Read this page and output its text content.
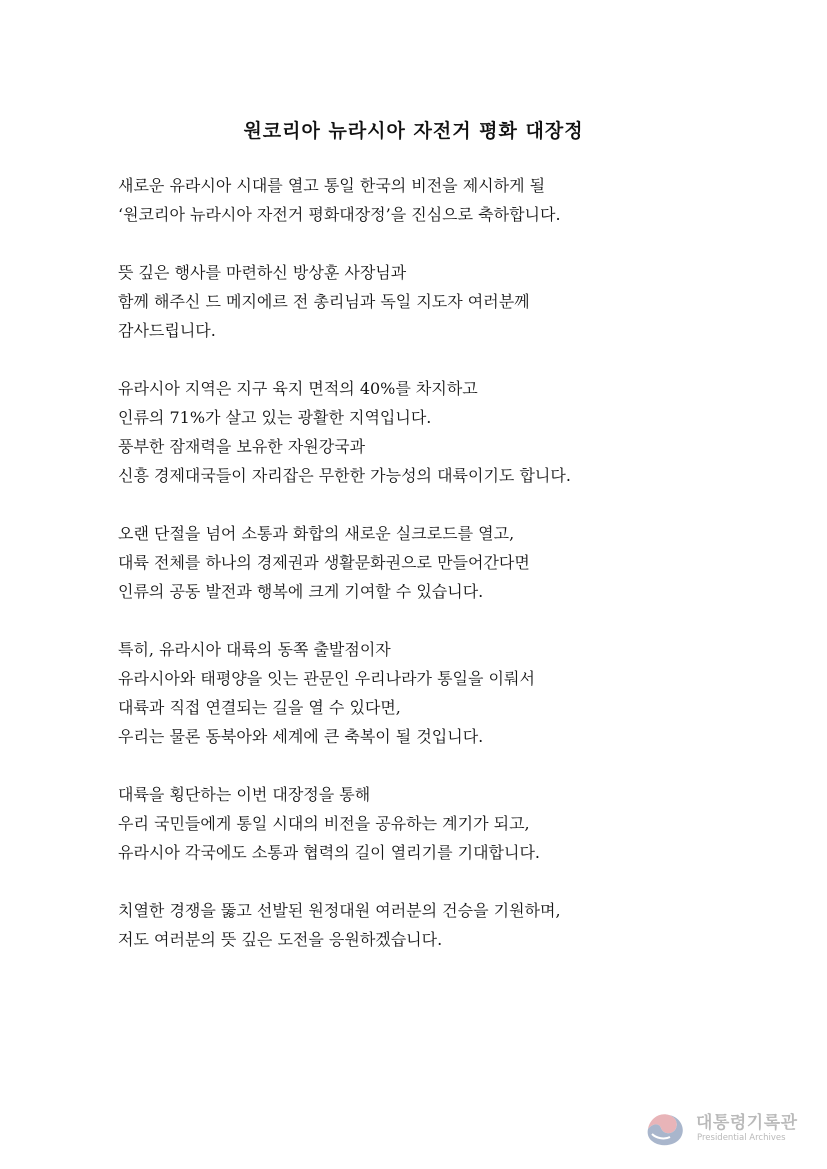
원코리아 뉴라시아 자전거 평화 대장정

새로운 유라시아 시대를 열고 통일 한국의 비전을 제시하게 될
‘원코리아 뉴라시아 자전거 평화대장정’을 진심으로 축하합니다.

뜻 깊은 행사를 마련하신 방상훈 사장님과
함께 해주신 드 메지에르 전 총리님과 독일 지도자 여러분께
감사드립니다.

유라시아 지역은 지구 육지 면적의 40%를 차지하고
인류의 71%가 살고 있는 광활한 지역입니다.
풍부한 잠재력을 보유한 자원강국과
신흥 경제대국들이 자리잡은 무한한 가능성의 대륙이기도 합니다.

오랜 단절을 넘어 소통과 화합의 새로운 실크로드를 열고,
대륙 전체를 하나의 경제권과 생활문화권으로 만들어간다면
인류의 공동 발전과 행복에 크게 기여할 수 있습니다.

특히, 유라시아 대륙의 동쪽 출발점이자
유라시아와 태평양을 잇는 관문인 우리나라가 통일을 이뤄서
대륙과 직접 연결되는 길을 열 수 있다면,
우리는 물론 동북아와 세계에 큰 축복이 될 것입니다.

대륙을 횡단하는 이번 대장정을 통해
우리 국민들에게 통일 시대의 비전을 공유하는 계기가 되고,
유라시아 각국에도 소통과 협력의 길이 열리기를 기대합니다.

치열한 경쟁을 뚫고 선발된 원정대원 여러분의 건승을 기원하며,
저도 여러분의 뜻 깊은 도전을 응원하겠습니다.

대통령기록관
Presidential Archives
